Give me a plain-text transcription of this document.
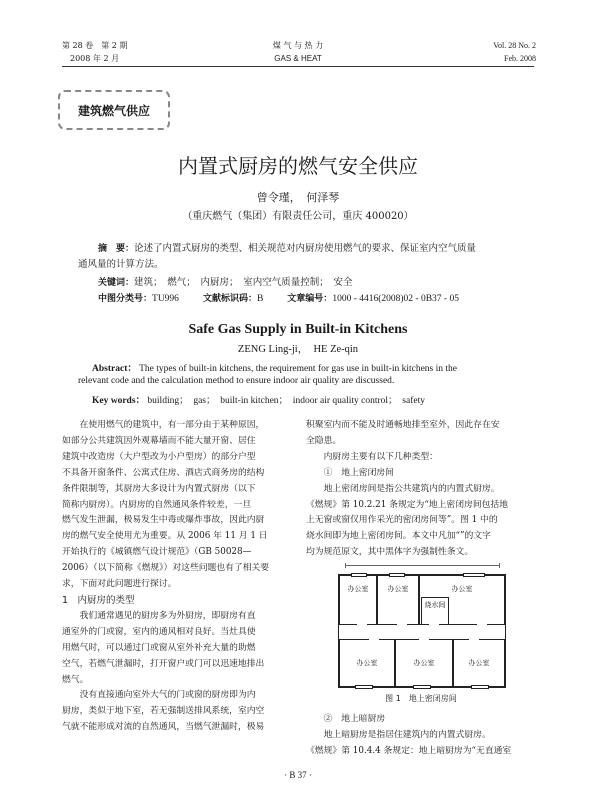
第 28 卷　第 2 期
2008 年 2 月
煤 气 与 热 力
GAS & HEAT
Vol. 28 No. 2
Feb. 2008
建筑燃气供应
内置式厨房的燃气安全供应
曾令瑾，　何泽琴
（重庆燃气（集团）有限责任公司，重庆 400020）
摘　要：论述了内置式厨房的类型、相关规范对内厨房使用燃气的要求、保证室内空气质量
通风量的计算方法。
关键词：建筑；　燃气；　内厨房；　室内空气质量控制；　安全
中图分类号：TU996	文献标识码：B	文章编号：1000 - 4416(2008)02 - 0B37 - 05
Safe Gas Supply in Built-in Kitchens
ZENG Ling-ji，　HE Ze-qin
Abstract： The types of built-in kitchens, the requirement for gas use in built-in kitchens in the
relevant code and the calculation method to ensure indoor air quality are discussed.
Key words： building；　gas；　built-in kitchen；　indoor air quality control；　safety
在使用燃气的建筑中，有一部分由于某种原因，
如部分公共建筑因外观幕墙而不能大量开窗、居住
建筑中改造房（大户型改为小户型房）的部分户型
不具备开窗条件、公寓式住房、酒店式商务房的结构
条件限制等，其厨房大多设计为内置式厨房（以下
简称内厨房）。内厨房的自然通风条件较差，一旦
燃气发生泄漏，极易发生中毒或爆炸事故，因此内厨
房的燃气安全使用尤为重要。从 2006 年 11 月 1 日
开始执行的《城镇燃气设计规范》（GB 50028—
2006）（以下简称《燃规》）对这些问题也有了相关要
求，下面对此问题进行探讨。
1　内厨房的类型
我们通常遇见的厨房多为外厨房，即厨房有直
通室外的门或窗，室内的通风相对良好。当灶具使
用燃气时，可以通过门或窗从室外补充大量的助燃
空气，若燃气泄漏时，打开窗户或门可以迅速地排出
燃气。
没有直接通向室外大气的门或窗的厨房即为内
厨房，类似于地下室，若无强制送排风系统，室内空
气就不能形成对流的自然通风，当燃气泄漏时，极易
积聚室内而不能及时通畅地排至室外，因此存在安
全隐患。
内厨房主要有以下几种类型：
①　地上密闭房间
地上密闭房间是指公共建筑内的内置式厨房。
《燃规》第 10.2.21 条规定为“地上密闭房间包括地
上无窗或窗仅用作采光的密闭房间等”。图 1 中的
烧水间即为地上密闭房间。本文中凡加“”的文字
均为规范原文，其中黑体字为强制性条文。
办公室	办公室	办公室
烧水间
办公室	办公室	办公室
图 1　地上密闭房间
②　地上暗厨房
地上暗厨房是指居住建筑内的内置式厨房。
《燃规》第 10.4.4 条规定：地上暗厨房为“无直通室
· B 37 ·
